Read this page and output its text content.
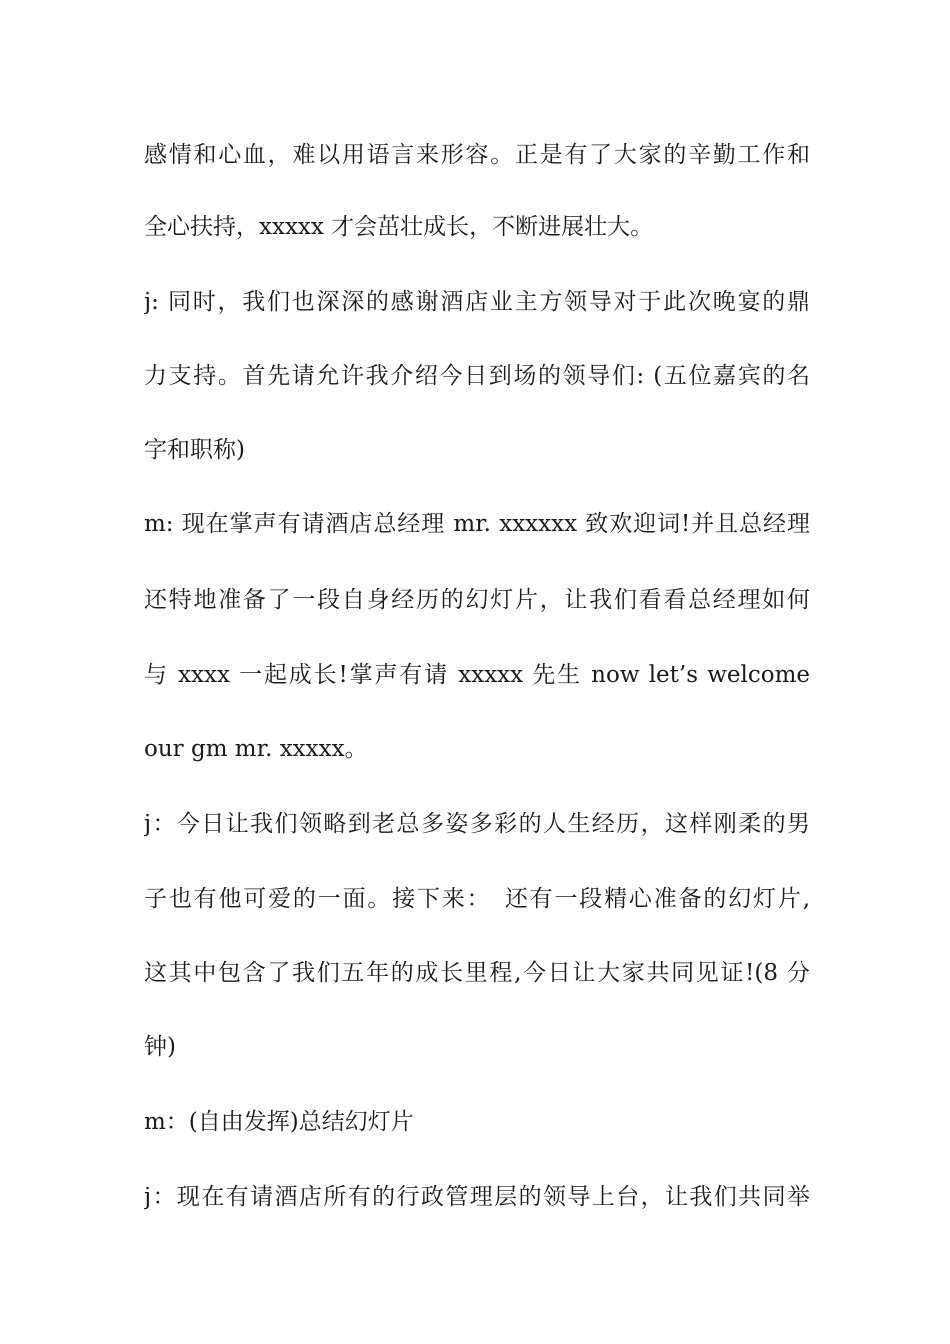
感情和心血，难以用语言来形容。正是有了大家的辛勤工作和

全心扶持，xxxxx 才会茁壮成长，不断进展壮大。

j: 同时，我们也深深的感谢酒店业主方领导对于此次晚宴的鼎

力支持。首先请允许我介绍今日到场的领导们: (五位嘉宾的名

字和职称)

m: 现在掌声有请酒店总经理 mr. xxxxxx 致欢迎词!并且总经理

还特地准备了一段自身经历的幻灯片，让我们看看总经理如何

与 xxxx 一起成长!掌声有请 xxxxx 先生 now let’s welcome

our gm mr. xxxxx。

j：今日让我们领略到老总多姿多彩的人生经历，这样刚柔的男

子也有他可爱的一面。接下来：　还有一段精心准备的幻灯片,

这其中包含了我们五年的成长里程,今日让大家共同见证!(8 分

钟)

m：(自由发挥)总结幻灯片

j：现在有请酒店所有的行政管理层的领导上台，让我们共同举
